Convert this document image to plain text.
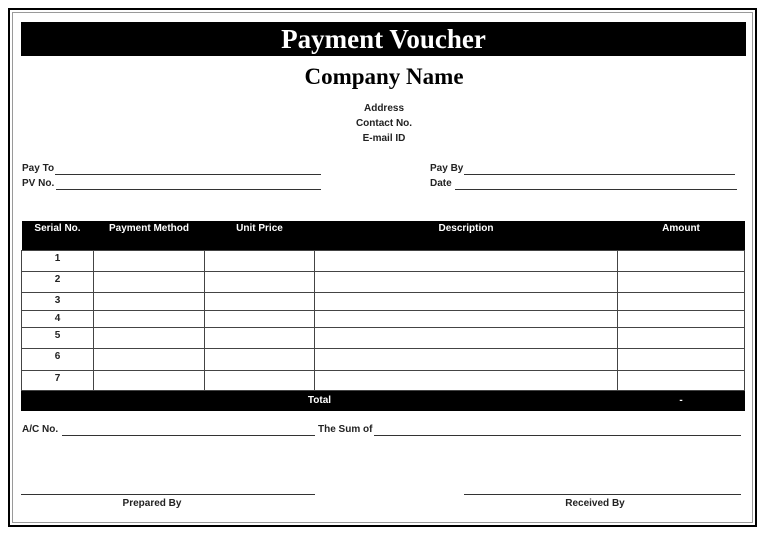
Payment Voucher
Company Name
Address
Contact No.
E-mail ID
Pay To
PV No.
Pay By
Date
Serial No.	Payment Method	Unit Price	Description	Amount
1				
2				
3				
4				
5				
6				
7				
Total				-
A/C No.	The Sum of
Prepared By	Received By
